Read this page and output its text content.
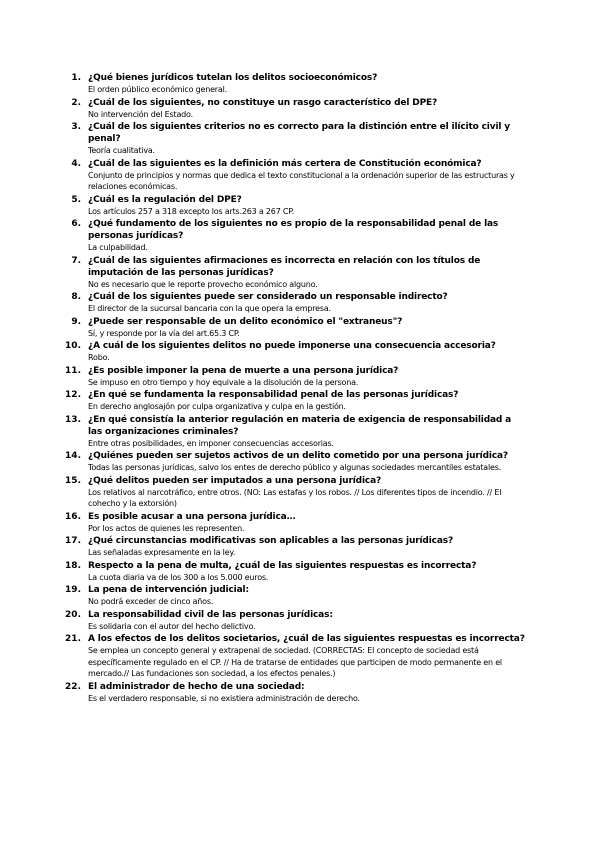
1. ¿Qué bienes jurídicos tutelan los delitos socioeconómicos?
El orden público económico general.
2. ¿Cuál de los siguientes, no constituye un rasgo característico del DPE?
No intervención del Estado.
3. ¿Cuál de los siguientes criterios no es correcto para la distinción entre el ilícito civil y penal?
Teoría cualitativa.
4. ¿Cuál de las siguientes es la definición más certera de Constitución económica?
Conjunto de principios y normas que dedica el texto constitucional a la ordenación superior de las estructuras y relaciones económicas.
5. ¿Cuál es la regulación del DPE?
Los artículos 257 a 318 excepto los arts.263 a 267 CP.
6. ¿Qué fundamento de los siguientes no es propio de la responsabilidad penal de las personas jurídicas?
La culpabilidad.
7. ¿Cuál de las siguientes afirmaciones es incorrecta en relación con los títulos de imputación de las personas jurídicas?
No es necesario que le reporte provecho económico alguno.
8. ¿Cuál de los siguientes puede ser considerado un responsable indirecto?
El director de la sucursal bancaria con la que opera la empresa.
9. ¿Puede ser responsable de un delito económico el "extraneus"?
Sí, y responde por la vía del art.65.3 CP.
10. ¿A cuál de los siguientes delitos no puede imponerse una consecuencia accesoria?
Robo.
11. ¿Es posible imponer la pena de muerte a una persona jurídica?
Se impuso en otro tiempo y hoy equivale a la disolución de la persona.
12. ¿En qué se fundamenta la responsabilidad penal de las personas jurídicas?
En derecho anglosajón por culpa organizativa y culpa en la gestión.
13. ¿En qué consistía la anterior regulación en materia de exigencia de responsabilidad a las organizaciones criminales?
Entre otras posibilidades, en imponer consecuencias accesorias.
14. ¿Quiénes pueden ser sujetos activos de un delito cometido por una persona jurídica?
Todas las personas jurídicas, salvo los entes de derecho público y algunas sociedades mercantiles estatales.
15. ¿Qué delitos pueden ser imputados a una persona jurídica?
Los relativos al narcotráfico, entre otros. (NO: Las estafas y los robos. // Los diferentes tipos de incendio. // El cohecho y la extorsión)
16. Es posible acusar a una persona jurídica…
Por los actos de quienes les representen.
17. ¿Qué circunstancias modificativas son aplicables a las personas jurídicas?
Las señaladas expresamente en la ley.
18. Respecto a la pena de multa, ¿cuál de las siguientes respuestas es incorrecta?
La cuota diaria va de los 300 a los 5.000 euros.
19. La pena de intervención judicial:
No podrá exceder de cinco años.
20. La responsabilidad civil de las personas jurídicas:
Es solidaria con el autor del hecho delictivo.
21. A los efectos de los delitos societarios, ¿cuál de las siguientes respuestas es incorrecta?
Se emplea un concepto general y extrapenal de sociedad. (CORRECTAS: El concepto de sociedad está específicamente regulado en el CP. // Ha de tratarse de entidades que participen de modo permanente en el mercado.// Las fundaciones son sociedad, a los efectos penales.)
22. El administrador de hecho de una sociedad:
Es el verdadero responsable, si no existiera administración de derecho.
